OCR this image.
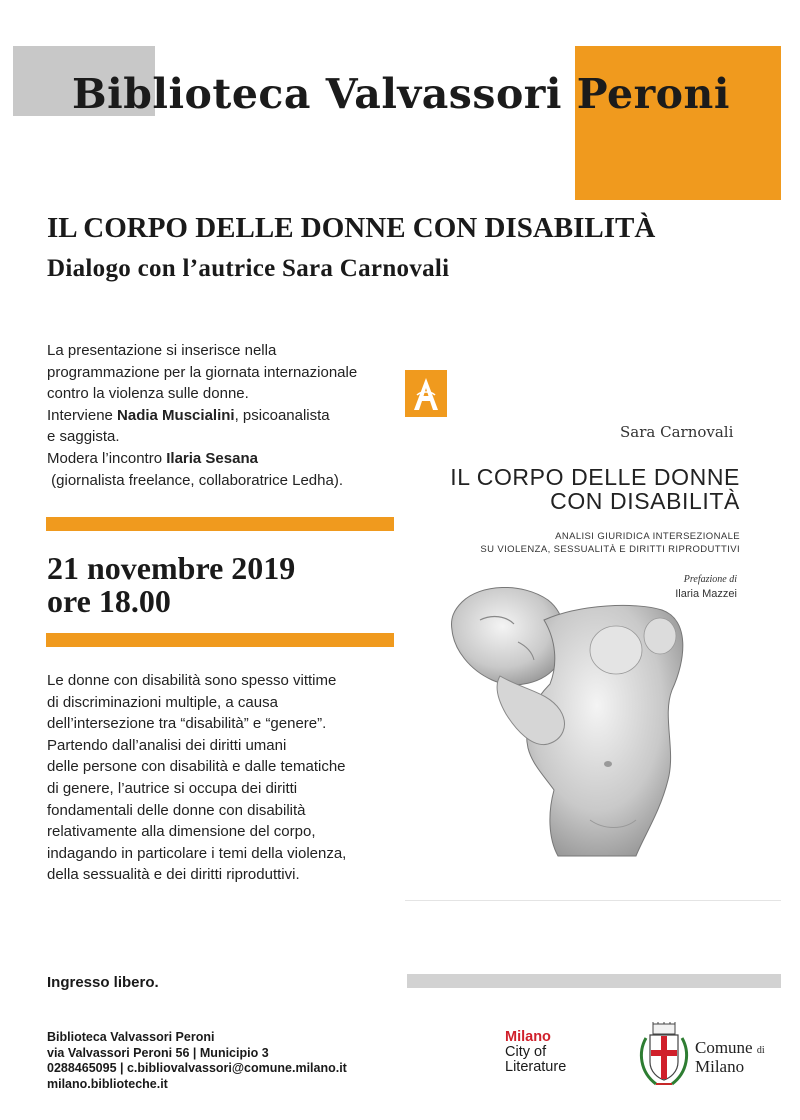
Biblioteca Valvassori Peroni
IL CORPO DELLE DONNE CON DISABILITÀ
Dialogo con l’autrice Sara Carnovali
La presentazione si inserisce nella
programmazione per la giornata internazionale
contro la violenza sulle donne.
Interviene Nadia Muscialini, psicoanalista
e saggista.
Modera l’incontro Ilaria Sesana
(giornalista freelance, collaboratrice Ledha).
21 novembre 2019
ore 18.00
Le donne con disabilità sono spesso vittime
di discriminazioni multiple, a causa
dell’intersezione tra “disabilità” e “genere”.
Partendo dall’analisi dei diritti umani
delle persone con disabilità e dalle tematiche
di genere, l’autrice si occupa dei diritti
fondamentali delle donne con disabilità
relativamente alla dimensione del corpo,
indagando in particolare i temi della violenza,
della sessualità e dei diritti riproduttivi.
Ingresso libero.
Sara Carnovali
IL CORPO DELLE DONNE
CON DISABILITÀ
ANALISI GIURIDICA INTERSEZIONALE
SU VIOLENZA, SESSUALITÀ E DIRITTI RIPRODUTTIVI
Prefazione di
Ilaria Mazzei
Biblioteca Valvassori Peroni
via Valvassori Peroni 56 | Municipio 3
0288465095 | c.bibliovalvassori@comune.milano.it
milano.biblioteche.it
Milano
City of
Literature
Comune di
Milano
